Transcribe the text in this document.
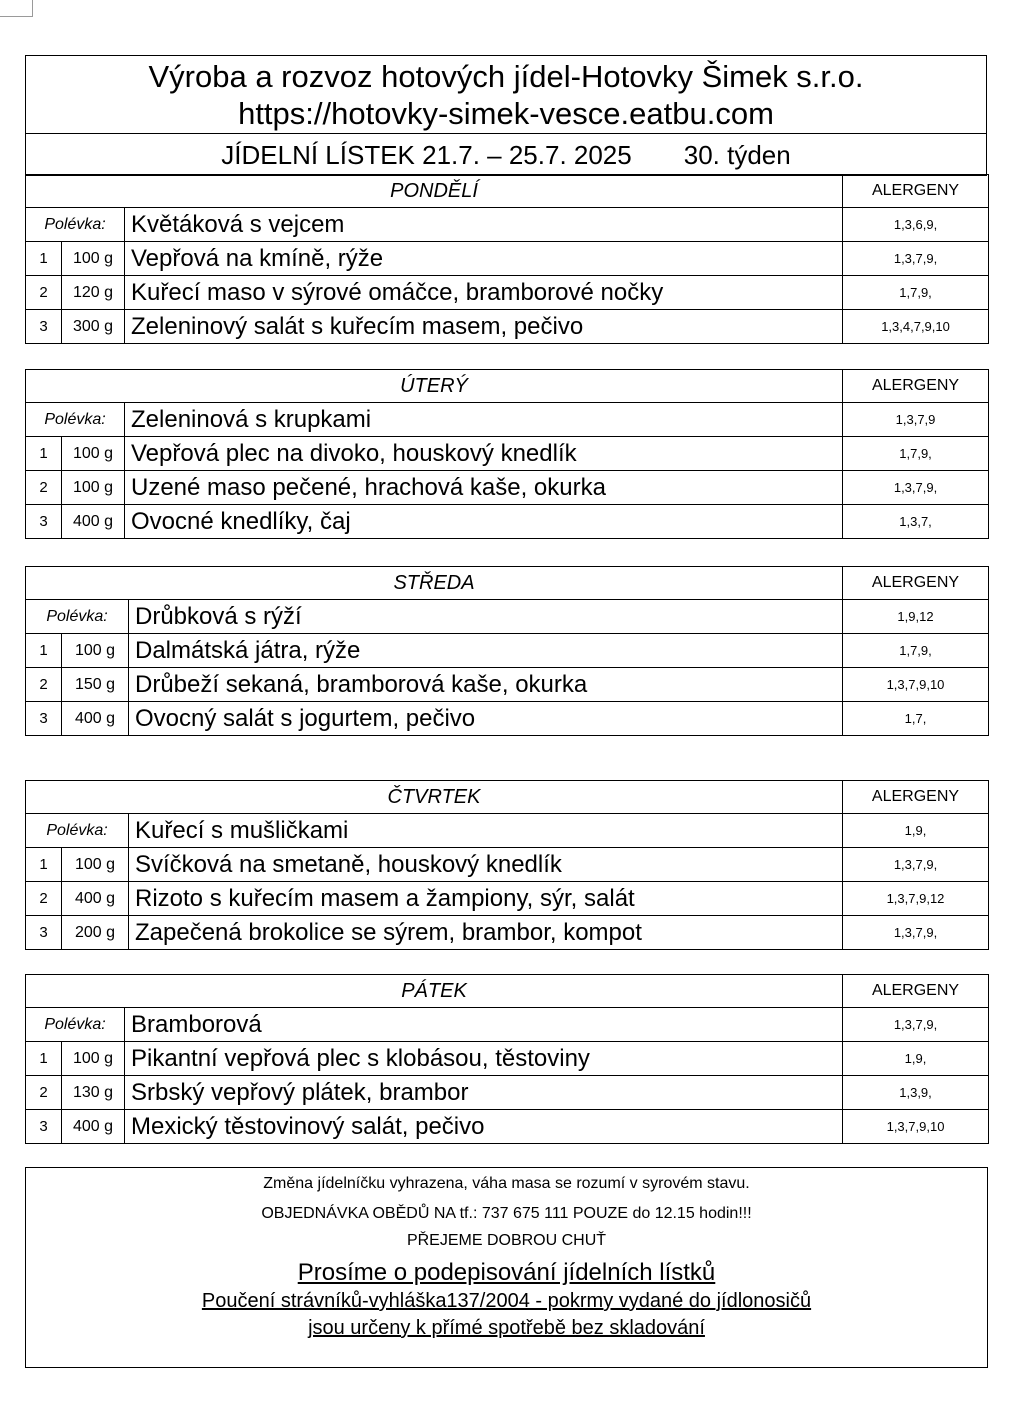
Výroba a rozvoz hotových jídel-Hotovky Šimek s.r.o.
https://hotovky-simek-vesce.eatbu.com
JÍDELNÍ LÍSTEK 21.7. – 25.7. 2025 30. týden
PONDĚLÍ			ALERGENY
Polévka:		Květáková s vejcem	1,3,6,9,
1	100 g	Vepřová na kmíně, rýže	1,3,7,9,
2	120 g	Kuřecí maso v sýrové omáčce, bramborové nočky	1,7,9,
3	300 g	Zeleninový salát s kuřecím masem, pečivo	1,3,4,7,9,10
ÚTERÝ			ALERGENY
Polévka:		Zeleninová s krupkami	1,3,7,9
1	100 g	Vepřová plec na divoko, houskový knedlík	1,7,9,
2	100 g	Uzené maso pečené, hrachová kaše, okurka	1,3,7,9,
3	400 g	Ovocné knedlíky, čaj	1,3,7,
STŘEDA			ALERGENY
Polévka:		Drůbková s rýží	1,9,12
1	100 g	Dalmátská játra, rýže	1,7,9,
2	150 g	Drůbeží sekaná, bramborová kaše, okurka	1,3,7,9,10
3	400 g	Ovocný salát s jogurtem, pečivo	1,7,
ČTVRTEK			ALERGENY
Polévka:		Kuřecí s mušličkami	1,9,
1	100 g	Svíčková na smetaně, houskový knedlík	1,3,7,9,
2	400 g	Rizoto s kuřecím masem a žampiony, sýr, salát	1,3,7,9,12
3	200 g	Zapečená brokolice se sýrem, brambor, kompot	1,3,7,9,
PÁTEK			ALERGENY
Polévka:		Bramborová	1,3,7,9,
1	100 g	Pikantní vepřová plec s klobásou, těstoviny	1,9,
2	130 g	Srbský vepřový plátek, brambor	1,3,9,
3	400 g	Mexický těstovinový salát, pečivo	1,3,7,9,10
Změna jídelníčku vyhrazena, váha masa se rozumí v syrovém stavu.
OBJEDNÁVKA OBĚDŮ NA tf.: 737 675 111 POUZE do 12.15 hodin!!!
PŘEJEME DOBROU CHUŤ
Prosíme o podepisování jídelních lístků
Poučení strávníků-vyhláška137/2004 - pokrmy vydané do jídlonosičů
jsou určeny k přímé spotřebě bez skladování
